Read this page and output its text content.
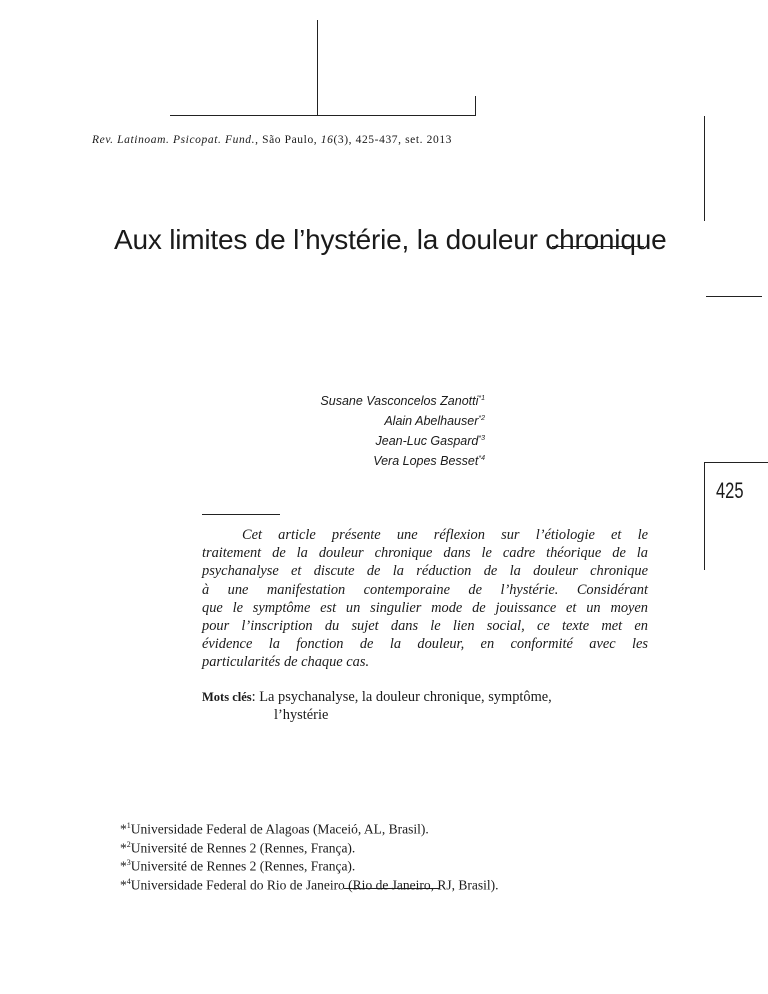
Rev. Latinoam. Psicopat. Fund., São Paulo, 16(3), 425-437, set. 2013
Aux limites de l’hystérie, la douleur chronique
Susane Vasconcelos Zanotti$^{*1}$
Alain Abelhauser$^{*2}$
Jean-Luc Gaspard$^{*3}$
Vera Lopes Besset$^{*4}$
425
Cet article présente une réflexion sur l’étiologie et le
traitement de la douleur chronique dans le cadre théorique de la
psychanalyse et discute de la réduction de la douleur chronique
à une manifestation contemporaine de l’hystérie. Considérant
que le symptôme est un singulier mode de jouissance et un moyen
pour l’inscription du sujet dans le lien social, ce texte met en
évidence la fonction de la douleur, en conformité avec les
particularités de chaque cas.
Mots clés: La psychanalyse, la douleur chronique, symptôme,
l’hystérie
*$^1$Universidade Federal de Alagoas (Maceió, AL, Brasil).
*$^2$Université de Rennes 2 (Rennes, França).
*$^3$Université de Rennes 2 (Rennes, França).
*$^4$Universidade Federal do Rio de Janeiro (Rio de Janeiro, RJ, Brasil).
